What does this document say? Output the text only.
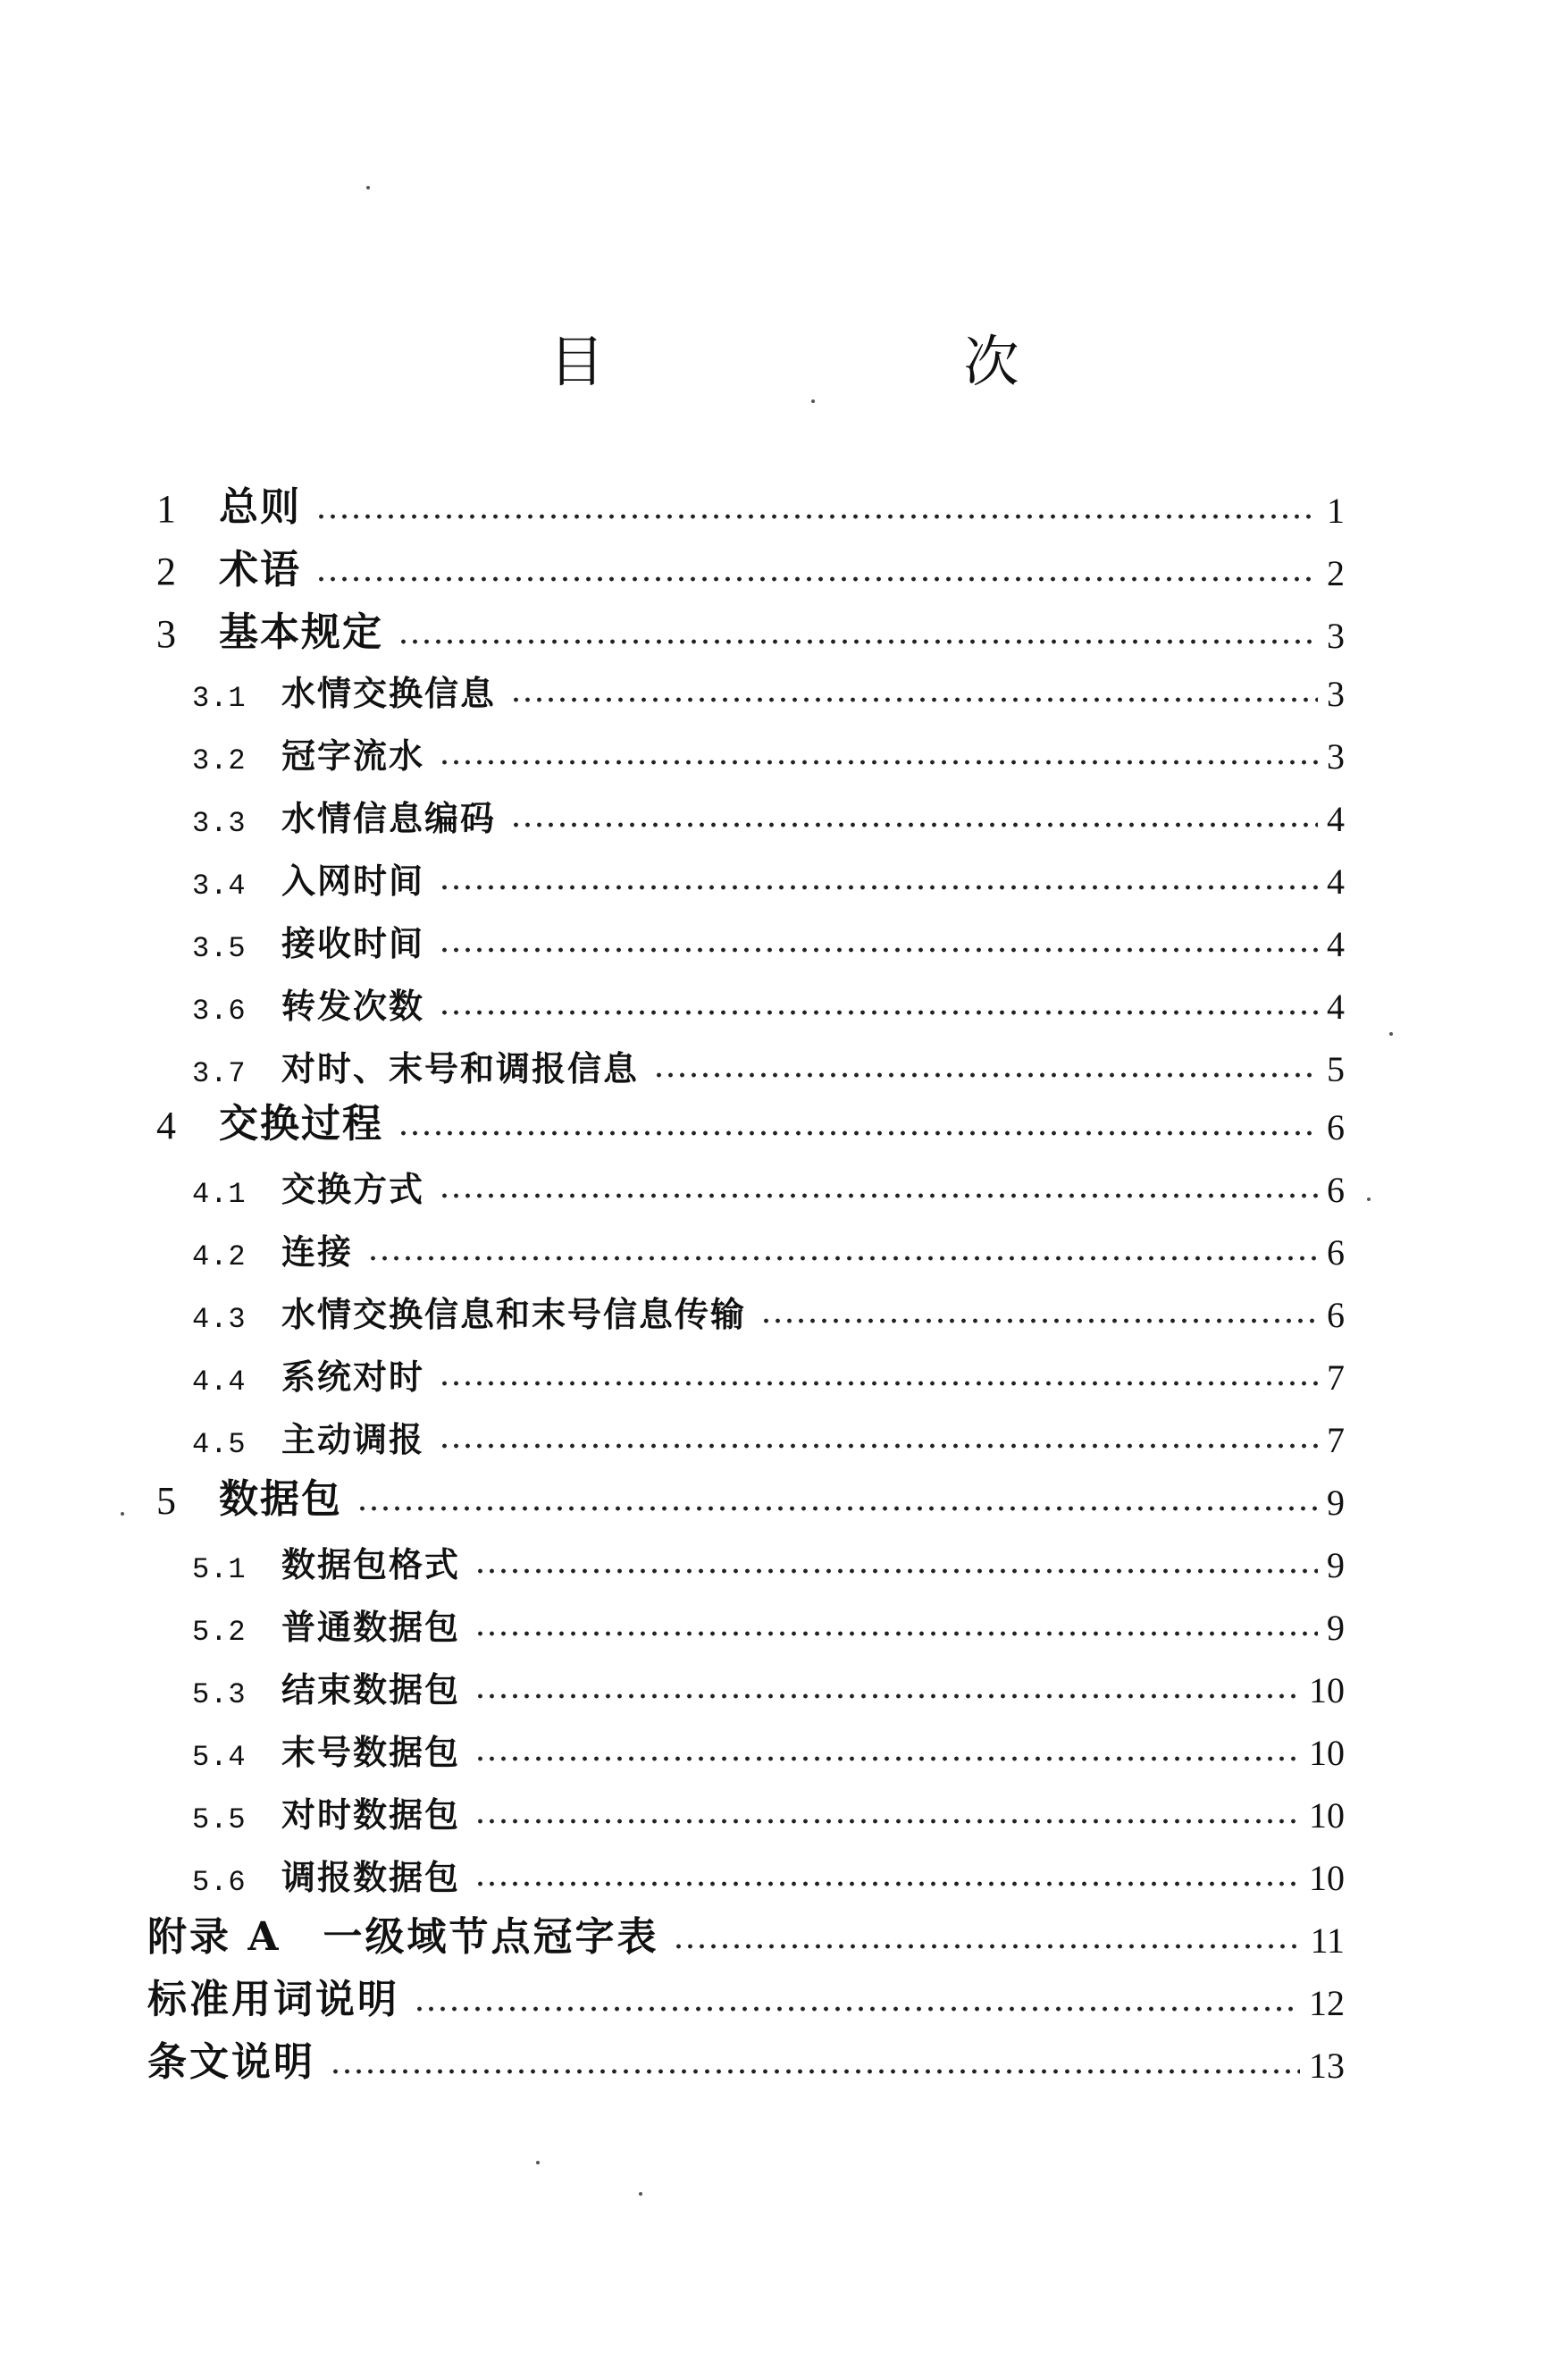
目　次
1	总则	1
2	术语	2
3	基本规定	3
3.1	水情交换信息	3
3.2	冠字流水	3
3.3	水情信息编码	4
3.4	入网时间	4
3.5	接收时间	4
3.6	转发次数	4
3.7	对时、末号和调报信息	5
4	交换过程	6
4.1	交换方式	6
4.2	连接	6
4.3	水情交换信息和末号信息传输	6
4.4	系统对时	7
4.5	主动调报	7
5	数据包	9
5.1	数据包格式	9
5.2	普通数据包	9
5.3	结束数据包	10
5.4	末号数据包	10
5.5	对时数据包	10
5.6	调报数据包	10
附录 A　一级域节点冠字表	11
标准用词说明	12
条文说明	13
